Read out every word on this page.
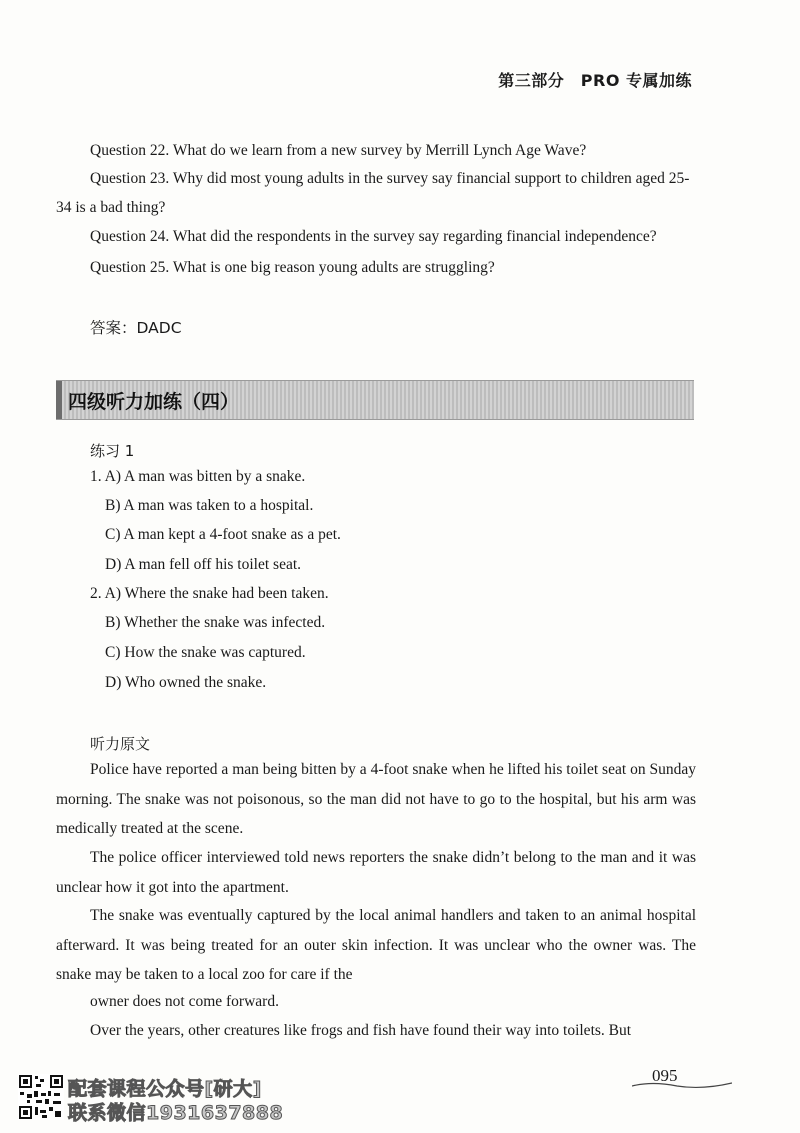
第三部分　PRO 专属加练

Question 22. What do we learn from a new survey by Merrill Lynch Age Wave?

Question 23. Why did most young adults in the survey say financial support to children aged 25-34 is a bad thing?

Question 24. What did the respondents in the survey say regarding financial independence?

Question 25. What is one big reason young adults are struggling?

答案：DADC
四级听力加练（四）
练习 1
1. A) A man was bitten by a snake.
B) A man was taken to a hospital.
C) A man kept a 4-foot snake as a pet.
D) A man fell off his toilet seat.
2. A) Where the snake had been taken.
B) Whether the snake was infected.
C) How the snake was captured.
D) Who owned the snake.
听力原文

Police have reported a man being bitten by a 4-foot snake when he lifted his toilet seat on Sunday morning. The snake was not poisonous, so the man did not have to go to the hospital, but his arm was medically treated at the scene.

The police officer interviewed told news reporters the snake didn’t belong to the man and it was unclear how it got into the apartment.

The snake was eventually captured by the local animal handlers and taken to an animal hospital afterward. It was being treated for an outer skin infection. It was unclear who the owner was. The snake may be taken to a local zoo for care if the

owner does not come forward.

Over the years, other creatures like frogs and fish have found their way into toilets. But

配套课程公众号[研大]
联系微信1931637888
095
